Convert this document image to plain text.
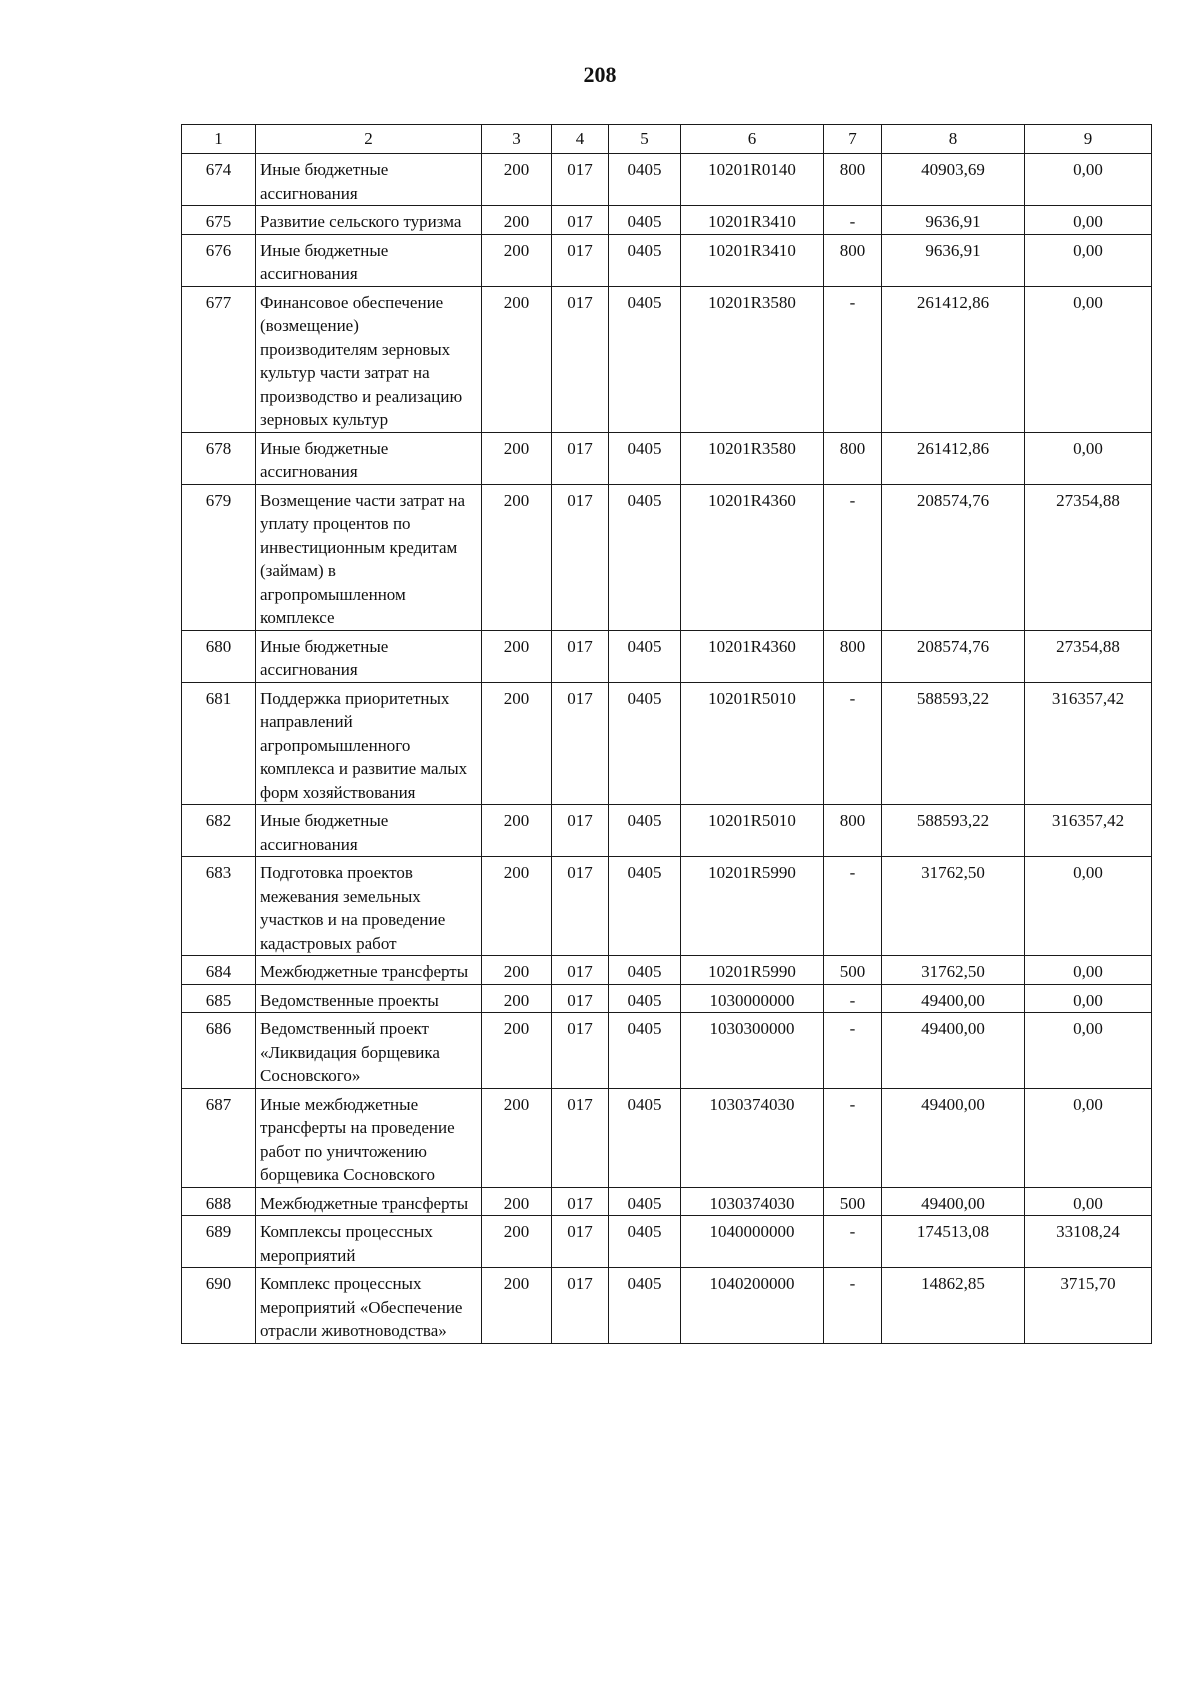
208
1	2	3	4	5	6	7	8	9
674	Иные бюджетные ассигнования	200	017	0405	10201R0140	800	40903,69	0,00
675	Развитие сельского туризма	200	017	0405	10201R3410	-	9636,91	0,00
676	Иные бюджетные ассигнования	200	017	0405	10201R3410	800	9636,91	0,00
677	Финансовое обеспечение (возмещение) производителям зерновых культур части затрат на производство и реализацию зерновых культур	200	017	0405	10201R3580	-	261412,86	0,00
678	Иные бюджетные ассигнования	200	017	0405	10201R3580	800	261412,86	0,00
679	Возмещение части затрат на уплату процентов по инвестиционным кредитам (займам) в агропромышленном комплексе	200	017	0405	10201R4360	-	208574,76	27354,88
680	Иные бюджетные ассигнования	200	017	0405	10201R4360	800	208574,76	27354,88
681	Поддержка приоритетных направлений агропромышленного комплекса и развитие малых форм хозяйствования	200	017	0405	10201R5010	-	588593,22	316357,42
682	Иные бюджетные ассигнования	200	017	0405	10201R5010	800	588593,22	316357,42
683	Подготовка проектов межевания земельных участков и на проведение кадастровых работ	200	017	0405	10201R5990	-	31762,50	0,00
684	Межбюджетные трансферты	200	017	0405	10201R5990	500	31762,50	0,00
685	Ведомственные проекты	200	017	0405	1030000000	-	49400,00	0,00
686	Ведомственный проект «Ликвидация борщевика Сосновского»	200	017	0405	1030300000	-	49400,00	0,00
687	Иные межбюджетные трансферты на проведение работ по уничтожению борщевика Сосновского	200	017	0405	1030374030	-	49400,00	0,00
688	Межбюджетные трансферты	200	017	0405	1030374030	500	49400,00	0,00
689	Комплексы процессных мероприятий	200	017	0405	1040000000	-	174513,08	33108,24
690	Комплекс процессных мероприятий «Обеспечение отрасли животноводства»	200	017	0405	1040200000	-	14862,85	3715,70
